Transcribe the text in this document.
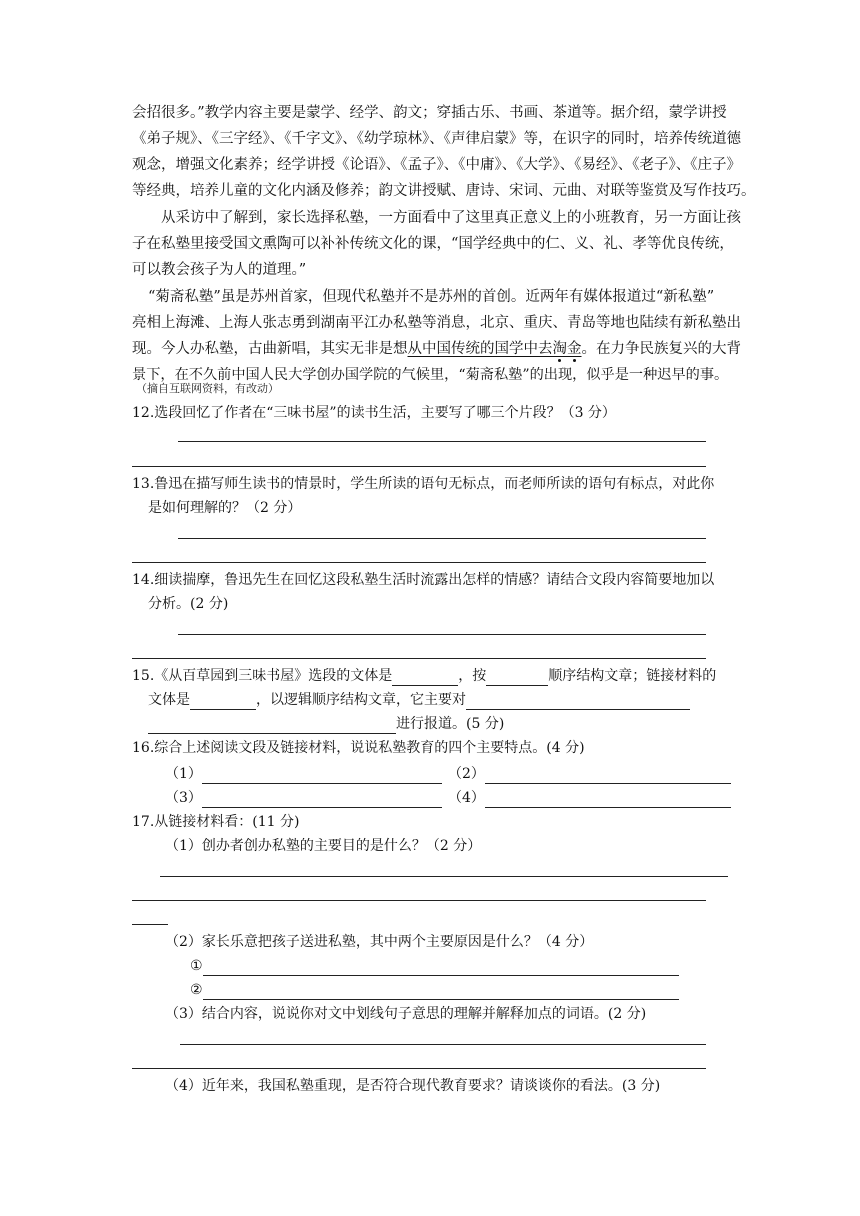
会招很多。”教学内容主要是蒙学、经学、韵文；穿插古乐、书画、茶道等。据介绍，蒙学讲授
《弟子规》、《三字经》、《千字文》、《幼学琼林》、《声律启蒙》等，在识字的同时，培养传统道德
观念，增强文化素养；经学讲授《论语》、《孟子》、《中庸》、《大学》、《易经》、《老子》、《庄子》
等经典，培养儿童的文化内涵及修养；韵文讲授赋、唐诗、宋词、元曲、对联等鉴赏及写作技巧。
从采访中了解到，家长选择私塾，一方面看中了这里真正意义上的小班教育，另一方面让孩
子在私塾里接受国文熏陶可以补补传统文化的课，“国学经典中的仁、义、礼、孝等优良传统，
可以教会孩子为人的道理。”
“菊斋私塾”虽是苏州首家，但现代私塾并不是苏州的首创。近两年有媒体报道过“新私塾”
亮相上海滩、上海人张志勇到湖南平江办私塾等消息，北京、重庆、青岛等地也陆续有新私塾出
现。今人办私塾，古曲新唱，其实无非是想从中国传统的国学中去淘金。在力争民族复兴的大背
景下，在不久前中国人民大学创办国学院的气候里，“菊斋私塾”的出现，似乎是一种迟早的事。
（摘自互联网资料，有改动）
12.选段回忆了作者在“三味书屋”的读书生活，主要写了哪三个片段？（3 分）
13.鲁迅在描写师生读书的情景时，学生所读的语句无标点，而老师所读的语句有标点，对此你
是如何理解的？（2 分）
14.细读揣摩，鲁迅先生在回忆这段私塾生活时流露出怎样的情感？请结合文段内容简要地加以
分析。(2 分)
15.《从百草园到三味书屋》选段的文体是	，按	顺序结构文章；链接材料的
文体是	，以逻辑顺序结构文章，它主要对
进行报道。(5 分)
16.综合上述阅读文段及链接材料，说说私塾教育的四个主要特点。(4 分)
（1）	（2）
（3）	（4）
17.从链接材料看：(11 分)
（1）创办者创办私塾的主要目的是什么？（2 分）
（2）家长乐意把孩子送进私塾，其中两个主要原因是什么？（4 分）
①
②
（3）结合内容，说说你对文中划线句子意思的理解并解释加点的词语。(2 分)
（4）近年来，我国私塾重现，是否符合现代教育要求？请谈谈你的看法。(3 分)
